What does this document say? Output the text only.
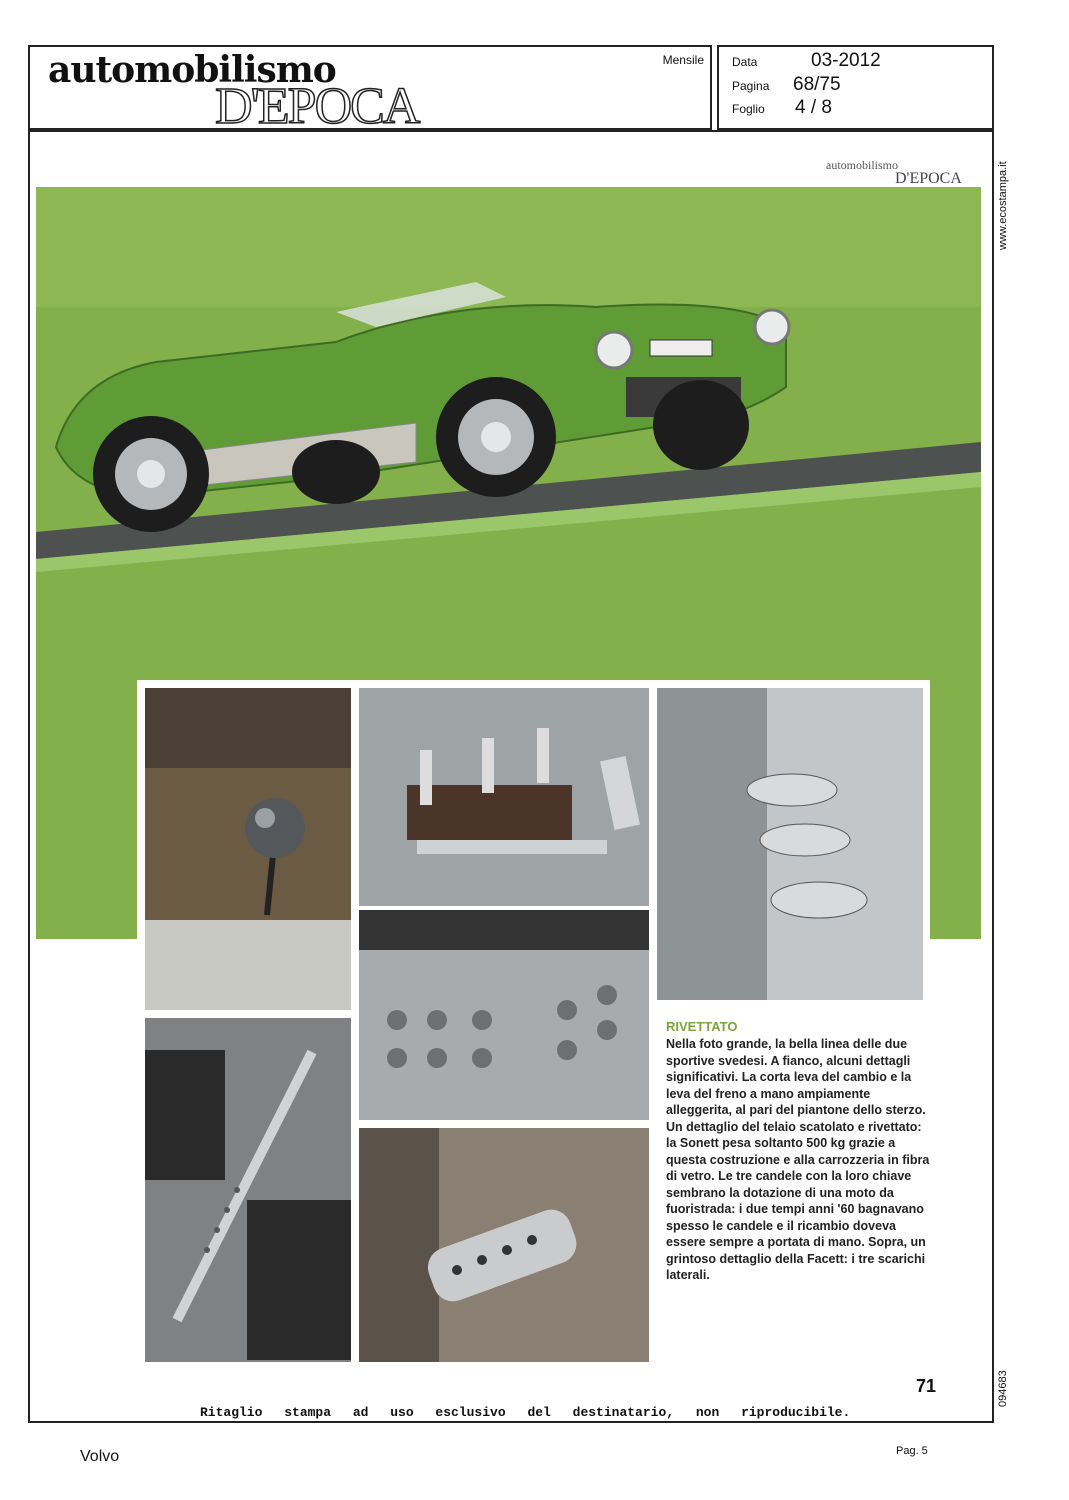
automobilismo
D'EPOCA
Mensile Data	03-2012
Pagina 68/75
Foglio 4 / 8
www.ecostampa.it
094683
automobilismo
D'EPOCA
RIVETTATO
Nella foto grande, la bella linea delle due sportive svedesi. A fianco, alcuni dettagli significativi. La corta leva del cambio e la leva del freno a mano ampiamente alleggerita, al pari del piantone dello sterzo. Un dettaglio del telaio scatolato e rivettato: la Sonett pesa soltanto 500 kg grazie a questa costruzione e alla carrozzeria in fibra di vetro. Le tre candele con la loro chiave sembrano la dotazione di una moto da fuoristrada: i due tempi anni '60 bagnavano spesso le candele e il ricambio doveva essere sempre a portata di mano. Sopra, un grintoso dettaglio della Facett: i tre scarichi laterali.
71
Ritaglio stampa ad uso esclusivo del destinatario, non riproducibile.
Volvo	Pag. 5
